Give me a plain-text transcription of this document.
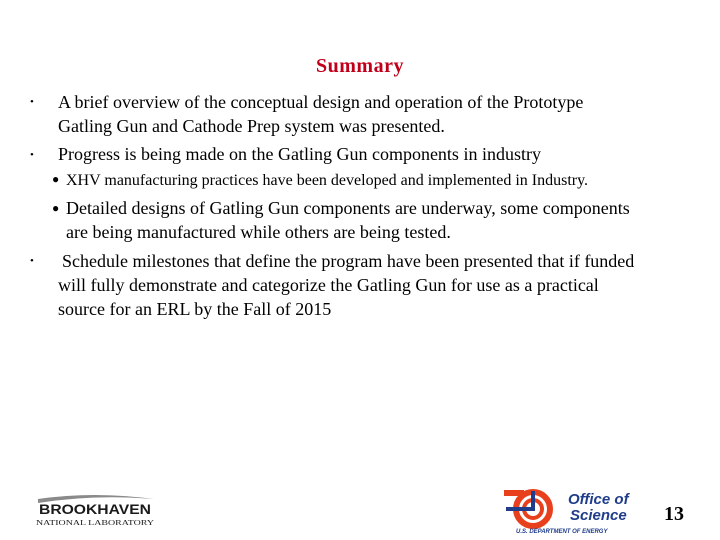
Summary
• A brief overview of the conceptual design and operation of the Prototype
Gatling Gun and Cathode Prep system was presented.
• Progress is being made on the Gatling Gun components in industry
● XHV manufacturing practices have been developed and implemented in Industry.
● Detailed designs of Gatling Gun components are underway, some components
are being manufactured while others are being tested.
• Schedule milestones that define the program have been presented that if funded
will fully demonstrate and categorize the Gatling Gun for use as a practical
source for an ERL by the Fall of 2015
BROOKHAVEN
NATIONAL LABORATORY
Office of
Science
U.S. DEPARTMENT OF ENERGY
13
